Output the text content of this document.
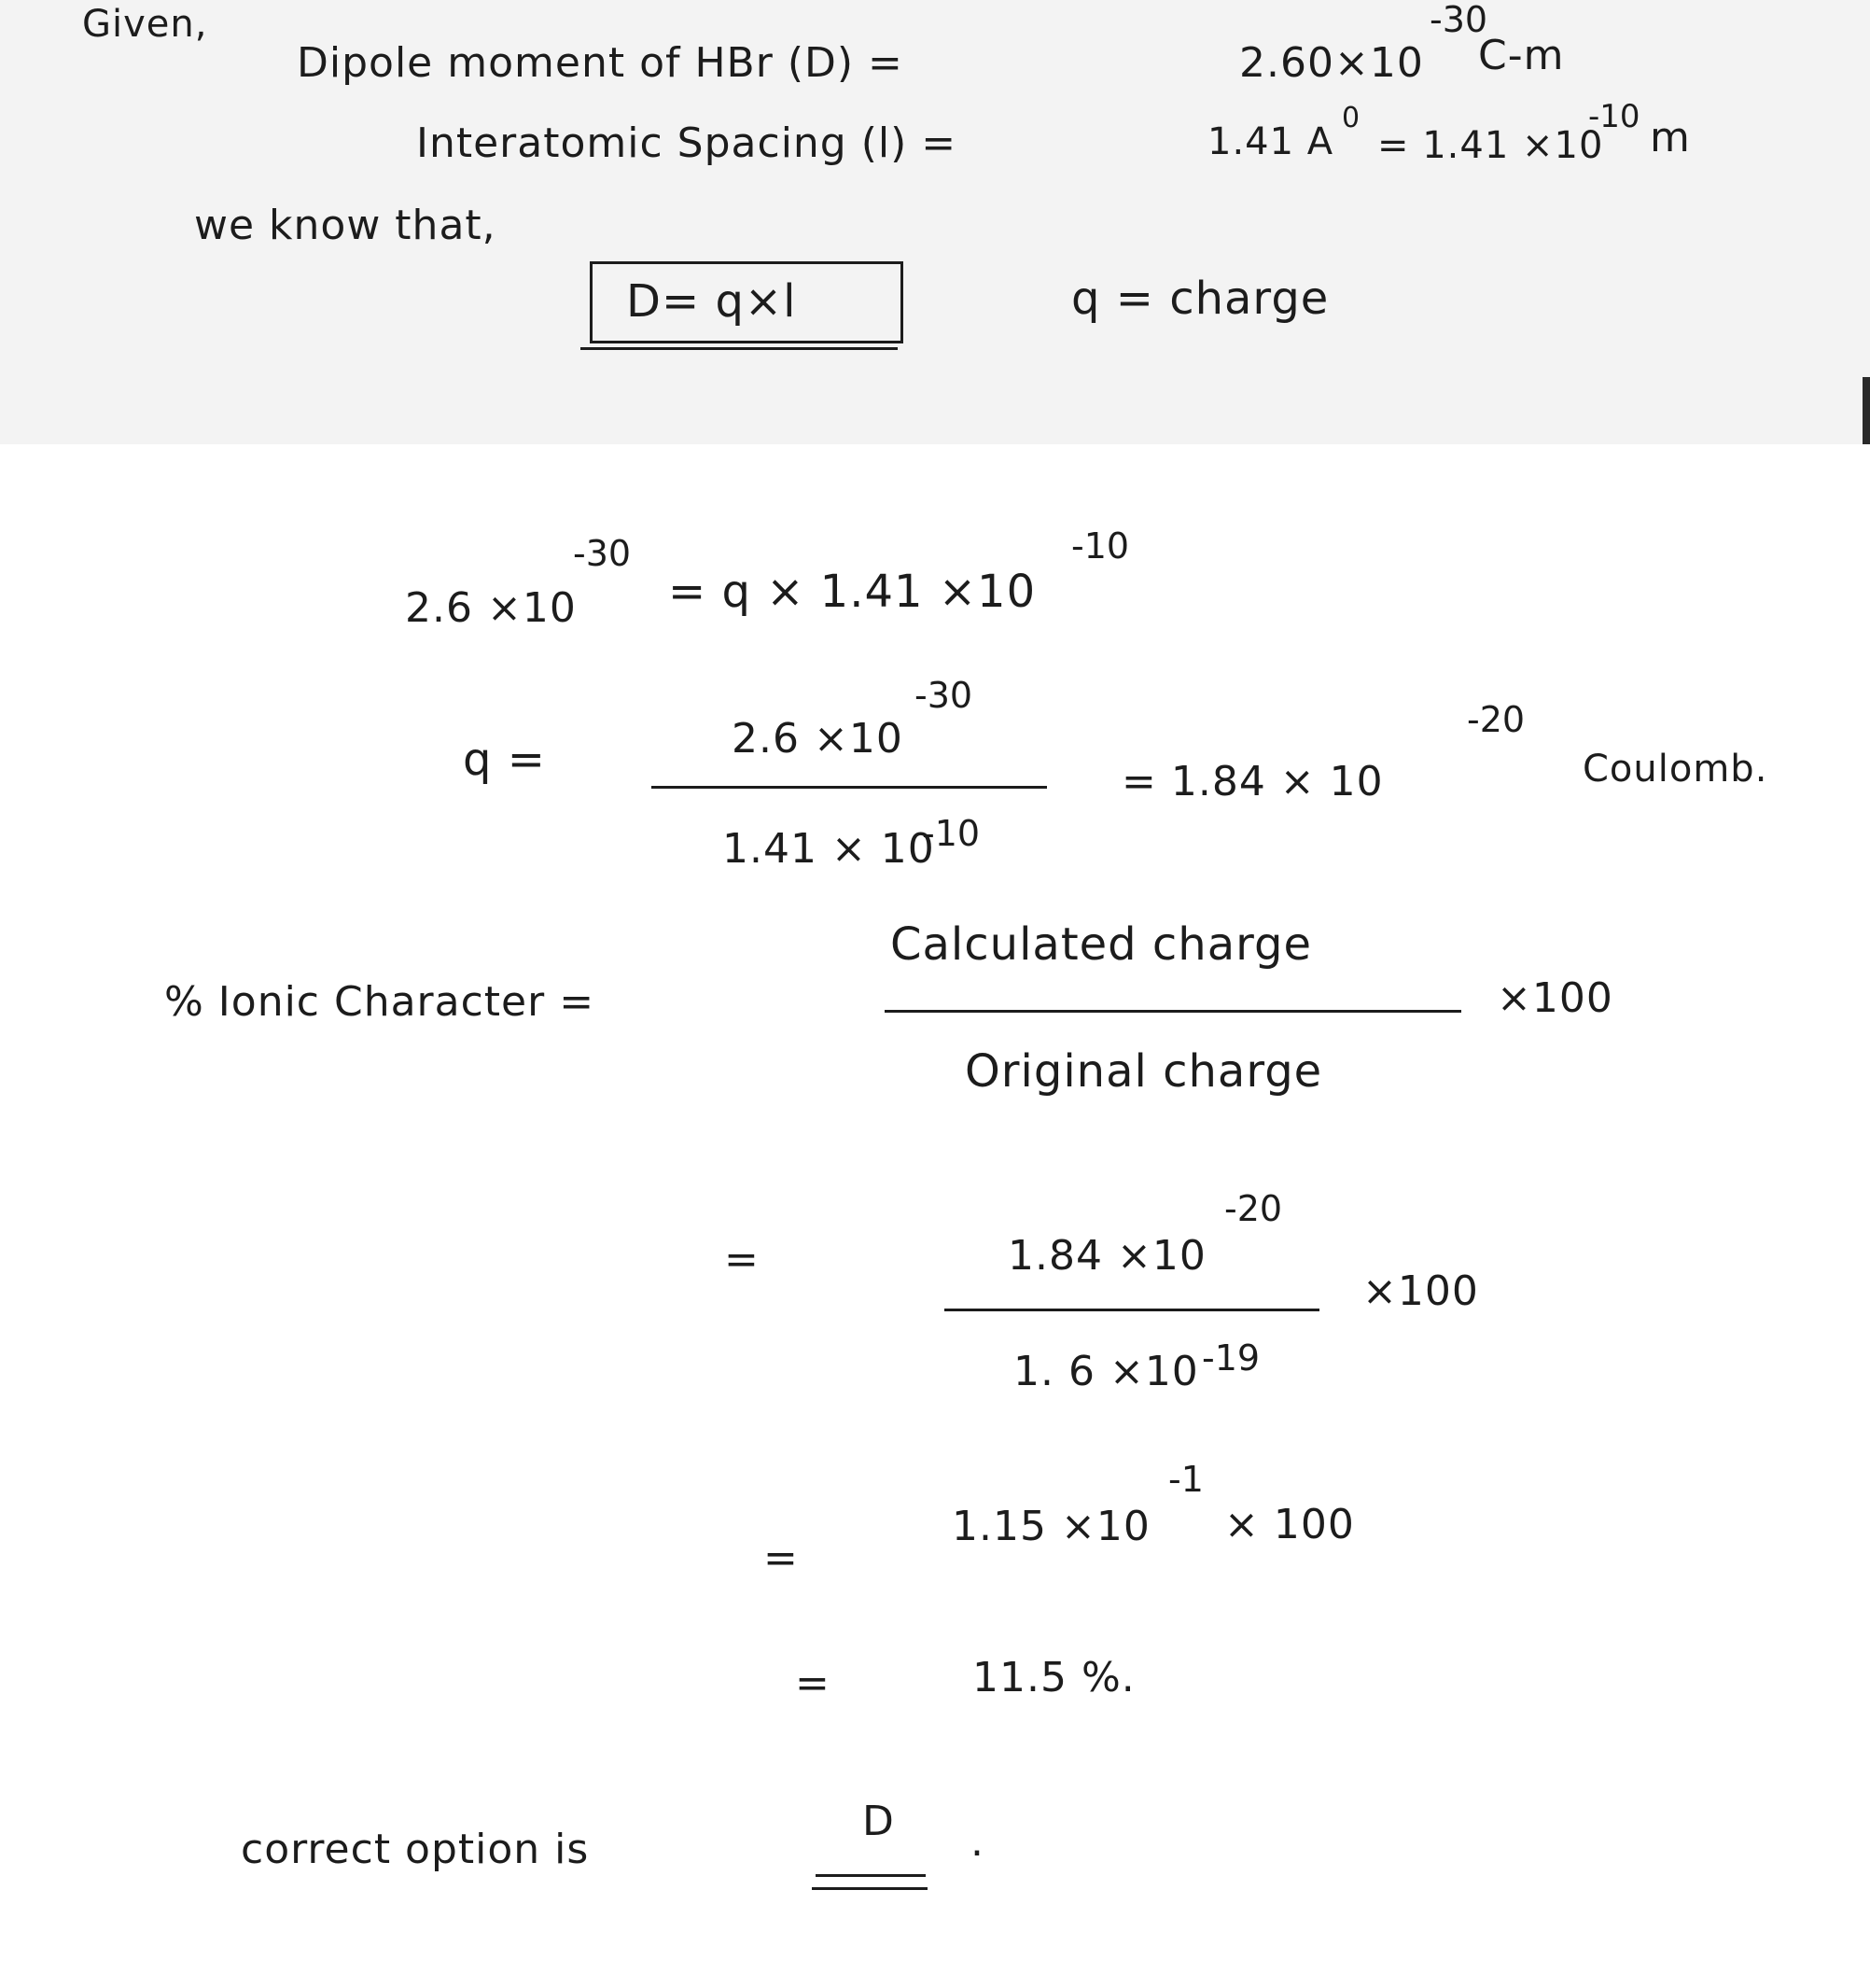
Given,
Dipole moment of HBr (D) =	2.60×10
-30
C-m
Interatomic Spacing (l) =	1.41 A
0
= 1.41 ×10
-10 m
we know that,
D= q×l	q = charge
2.6 ×10
-30
= q × 1.41 ×10
-10
q =	2.6 ×10
-30
1.41 × 10
-10
= 1.84 × 10
-20
Coulomb.
% Ionic Character =
Calculated charge
Original charge
×100
=	1.84 ×10
-20
1. 6 ×10 -19
×100
=
1.15 ×10
-1
× 100
=	11.5 %.
correct option is
D .
